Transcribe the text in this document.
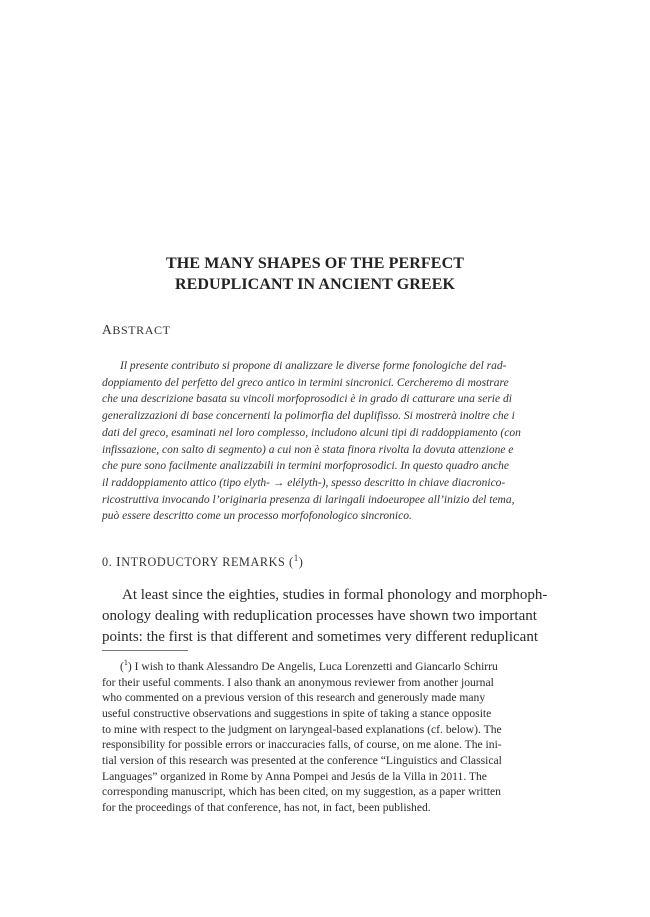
THE MANY SHAPES OF THE PERFECT
REDUPLICANT IN ANCIENT GREEK
ABSTRACT
Il presente contributo si propone di analizzare le diverse forme fonologiche del rad-
doppiamento del perfetto del greco antico in termini sincronici. Cercheremo di mostrare
che una descrizione basata su vincoli morfoprosodici è in grado di catturare una serie di
generalizzazioni di base concernenti la polimorfia del duplifisso. Si mostrerà inoltre che i
dati del greco, esaminati nel loro complesso, includono alcuni tipi di raddoppiamento (con
infissazione, con salto di segmento) a cui non è stata finora rivolta la dovuta attenzione e
che pure sono facilmente analizzabili in termini morfoprosodici. In questo quadro anche
il raddoppiamento attico (tipo elyth- → elélyth-), spesso descritto in chiave diacronico-
ricostruttiva invocando l’originaria presenza di laringali indoeuropee all’inizio del tema,
può essere descritto come un processo morfofonologico sincronico.
0. INTRODUCTORY REMARKS ($^1$)
At least since the eighties, studies in formal phonology and morphoph-
onology dealing with reduplication processes have shown two important
points: the first is that different and sometimes very different reduplicant
($^1$) I wish to thank Alessandro De Angelis, Luca Lorenzetti and Giancarlo Schirru
for their useful comments. I also thank an anonymous reviewer from another journal
who commented on a previous version of this research and generously made many
useful constructive observations and suggestions in spite of taking a stance opposite
to mine with respect to the judgment on laryngeal-based explanations (cf. below). The
responsibility for possible errors or inaccuracies falls, of course, on me alone. The ini-
tial version of this research was presented at the conference “Linguistics and Classical
Languages” organized in Rome by Anna Pompei and Jesús de la Villa in 2011. The
corresponding manuscript, which has been cited, on my suggestion, as a paper written
for the proceedings of that conference, has not, in fact, been published.
